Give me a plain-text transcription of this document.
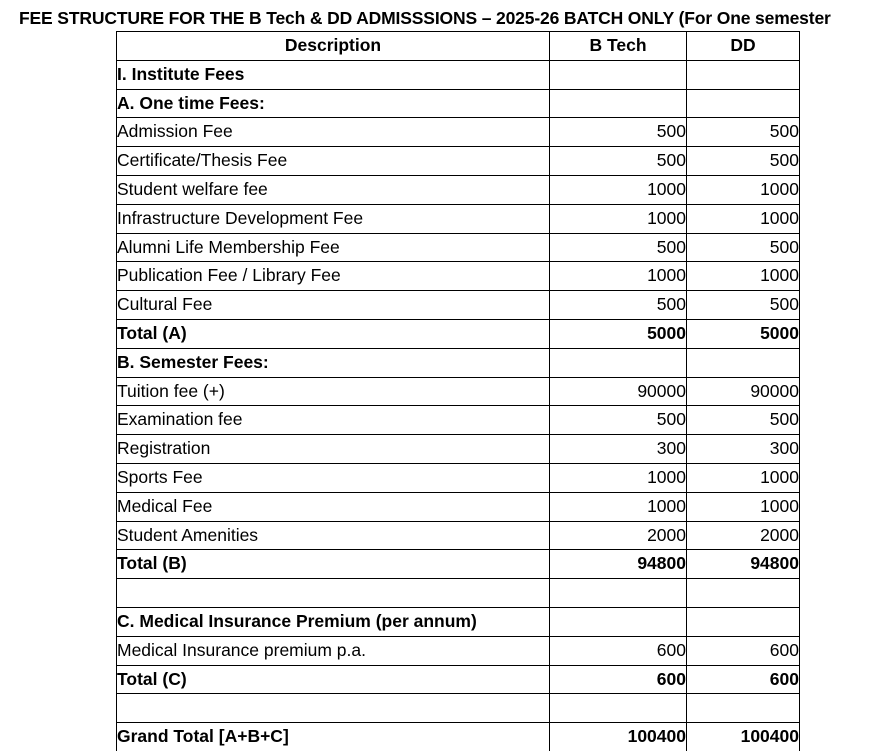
FEE STRUCTURE FOR THE B Tech & DD ADMISSSIONS – 2025-26 BATCH ONLY (For One semester
Description	B Tech	DD
I. Institute Fees		
A. One time Fees:		
Admission Fee	500	500
Certificate/Thesis Fee	500	500
Student welfare fee	1000	1000
Infrastructure Development Fee	1000	1000
Alumni Life Membership Fee	500	500
Publication Fee / Library Fee	1000	1000
Cultural Fee	500	500
Total (A)	5000	5000
B. Semester Fees:		
Tuition fee (+)	90000	90000
Examination fee	500	500
Registration	300	300
Sports Fee	1000	1000
Medical Fee	1000	1000
Student Amenities	2000	2000
Total (B)	94800	94800

C. Medical Insurance Premium (per annum)		
Medical Insurance premium p.a.	600	600
Total (C)	600	600

Grand Total [A+B+C]	100400	100400
